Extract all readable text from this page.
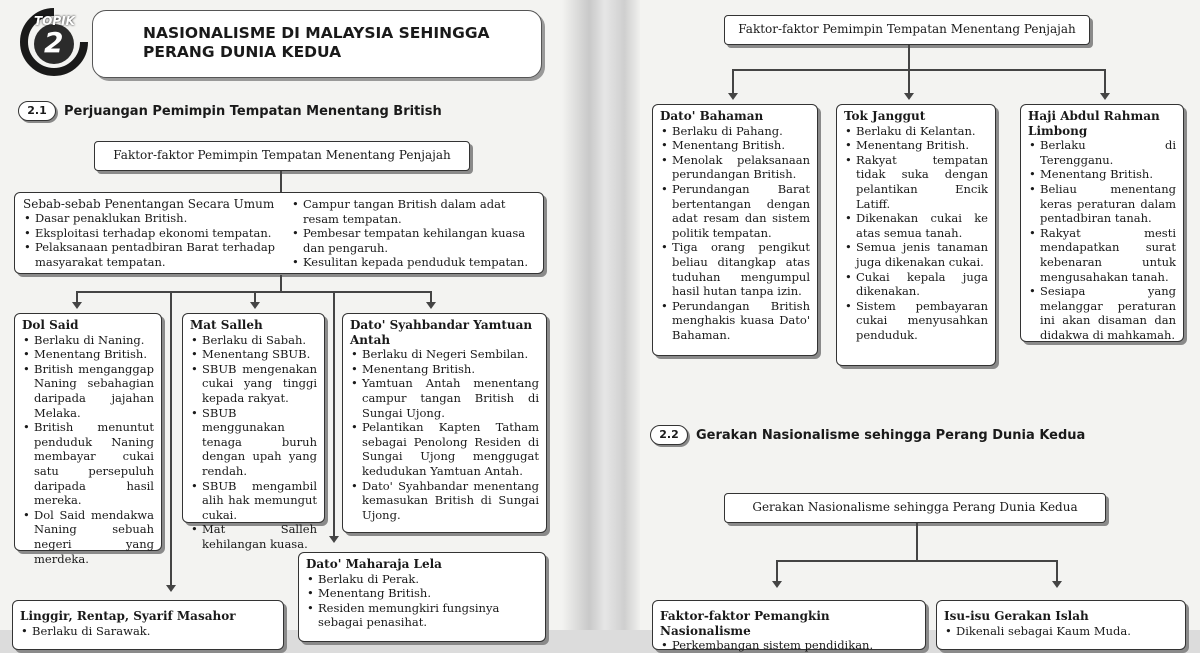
TOPIK
2	NASIONALISME DI MALAYSIA SEHINGGA
PERANG DUNIA KEDUA
2.1	Perjuangan Pemimpin Tempatan Menentang British
Faktor-faktor Pemimpin Tempatan Menentang Penjajah
Sebab-sebab Penentangan Secara Umum
• Dasar penaklukan British.
• Eksploitasi terhadap ekonomi tempatan.
• Pelaksanaan pentadbiran Barat terhadap masyarakat tempatan.
• Campur tangan British dalam adat resam tempatan.
• Pembesar tempatan kehilangan kuasa dan pengaruh.
• Kesulitan kepada penduduk tempatan.
Dol Said
• Berlaku di Naning.
• Menentang British.
• British menganggap Naning sebahagian daripada jajahan Melaka.
• British menuntut penduduk Naning membayar cukai satu persepuluh daripada hasil mereka.
• Dol Said mendakwa Naning sebuah negeri yang merdeka.
Mat Salleh
• Berlaku di Sabah.
• Menentang SBUB.
• SBUB mengenakan cukai yang tinggi kepada rakyat.
• SBUB menggunakan tenaga buruh dengan upah yang rendah.
• SBUB mengambil alih hak memungut cukai.
• Mat Salleh kehilangan kuasa.
Dato' Syahbandar Yamtuan Antah
• Berlaku di Negeri Sembilan.
• Menentang British.
• Yamtuan Antah menentang campur tangan British di Sungai Ujong.
• Pelantikan Kapten Tatham sebagai Penolong Residen di Sungai Ujong menggugat kedudukan Yamtuan Antah.
• Dato' Syahbandar menentang kemasukan British di Sungai Ujong.
Dato' Maharaja Lela
• Berlaku di Perak.
• Menentang British.
• Residen memungkiri fungsinya sebagai penasihat.
Linggir, Rentap, Syarif Masahor
• Berlaku di Sarawak.
Faktor-faktor Pemimpin Tempatan Menentang Penjajah
Dato' Bahaman
• Berlaku di Pahang.
• Menentang British.
• Menolak pelaksanaan perundangan British.
• Perundangan Barat bertentangan dengan adat resam dan sistem politik tempatan.
• Tiga orang pengikut beliau ditangkap atas tuduhan mengumpul hasil hutan tanpa izin.
• Perundangan British menghakis kuasa Dato' Bahaman.
Tok Janggut
• Berlaku di Kelantan.
• Menentang British.
• Rakyat tempatan tidak suka dengan pelantikan Encik Latiff.
• Dikenakan cukai ke atas semua tanah.
• Semua jenis tanaman juga dikenakan cukai.
• Cukai kepala juga dikenakan.
• Sistem pembayaran cukai menyusahkan penduduk.
Haji Abdul Rahman Limbong
• Berlaku di Terengganu.
• Menentang British.
• Beliau menentang keras peraturan dalam pentadbiran tanah.
• Rakyat mesti mendapatkan surat kebenaran untuk mengusahakan tanah.
• Sesiapa yang melanggar peraturan ini akan disaman dan didakwa di mahkamah.
2.2	Gerakan Nasionalisme sehingga Perang Dunia Kedua
Gerakan Nasionalisme sehingga Perang Dunia Kedua
Faktor-faktor Pemangkin Nasionalisme
• Perkembangan sistem pendidikan.
Isu-isu Gerakan Islah
• Dikenali sebagai Kaum Muda.
